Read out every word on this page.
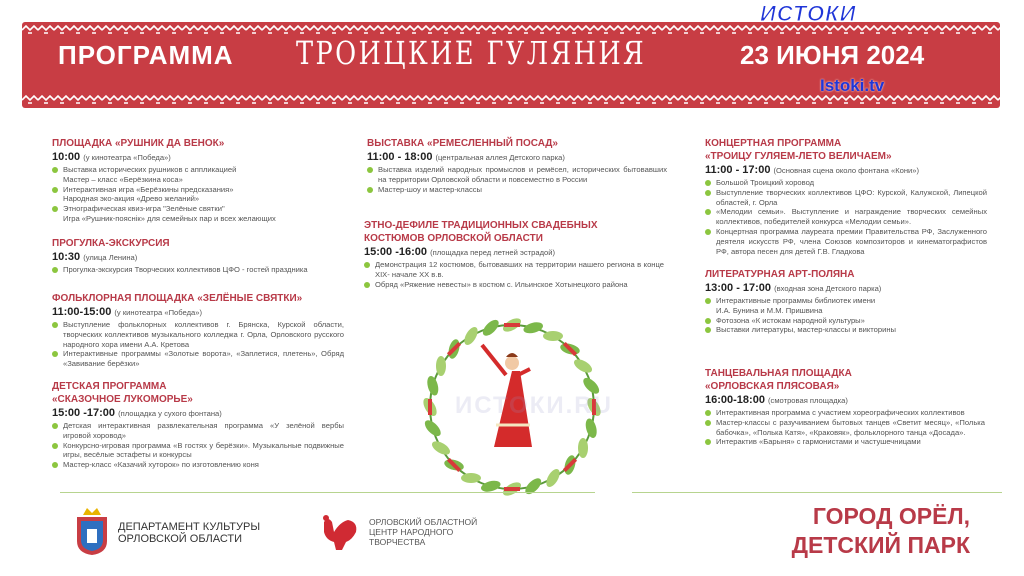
ПРОГРАММА ТРОИЦКИЕ ГУЛЯНИЯ	23 ИЮНЯ 2024
ИСТОКИ
Istoki.tv
ПЛОЩАДКА «РУШНИК ДА ВЕНОК»
10:00 (у кинотеатра «Победа»)
Выставка исторических рушников с аппликацией
Мастер – класс «Берёзкина коса»
Интерактивная игра «Берёзкины предсказания»
Народная эко-акция «Древо желаний»
Этнографическая квиз-игра "Зелёные святки"
Игра «Рушник-пояснік» для семейных пар и всех желающих
ПРОГУЛКА-ЭКСКУРСИЯ
10:30 (улица Ленина)
Прогулка-экскурсия Творческих коллективов ЦФО - гостей праздника
ФОЛЬКЛОРНАЯ ПЛОЩАДКА «ЗЕЛЁНЫЕ СВЯТКИ»
11:00-15:00 (у кинотеатра «Победа»)
Выступление фольклорных коллективов г. Брянска, Курской области, творческих коллективов музыкального колледжа г. Орла, Орловского русского народного хора имени А.А. Кретова
Интерактивные программы «Золотые ворота», «Заплетися, плетень», Обряд «Завивание берёзки»
ДЕТСКАЯ ПРОГРАММА
«СКАЗОЧНОЕ ЛУКОМОРЬЕ»
15:00 -17:00 (площадка у сухого фонтана)
Детская интерактивная развлекательная программа «У зелёной вербы игровой хоровод»
Конкурсно-игровая программа «В гостях у берёзки». Музыкальные подвижные игры, весёлые эстафеты и конкурсы
Мастер-класс «Казачий хуторок» по изготовлению коня
ВЫСТАВКА «РЕМЕСЛЕННЫЙ ПОСАД»
11:00 - 18:00 (центральная аллея Детского парка)
Выставка изделий народных промыслов и ремёсел, исторических бытовавших на территории Орловской области и повсеместно в России
Мастер-шоу и мастер-классы
ЭТНО-ДЕФИЛЕ ТРАДИЦИОННЫХ СВАДЕБНЫХ
КОСТЮМОВ ОРЛОВСКОЙ ОБЛАСТИ
15:00 -16:00 (площадка перед летней эстрадой)
Демонстрация 12 костюмов, бытовавших на территории нашего региона в конце XIX- начале XX в.в.
Обряд «Ряжение невесты» в костюм с. Ильинское Хотынецкого района
КОНЦЕРТНАЯ ПРОГРАММА
«ТРОИЦУ ГУЛЯЕМ-ЛЕТО ВЕЛИЧАЕМ»
11:00 - 17:00 (Основная сцена около фонтана «Кони»)
Большой Троицкий хоровод
Выступление творческих коллективов ЦФО: Курской, Калужской, Липецкой областей, г. Орла
«Мелодии семьи». Выступление и награждение творческих семейных коллективов, победителей конкурса «Мелодии семьи».
Концертная программа лауреата премии Правительства РФ, Заслуженного деятеля искусств РФ, члена Союзов композиторов и кинематографистов РФ, автора песен для детей Г.В. Гладкова
ЛИТЕРАТУРНАЯ АРТ-ПОЛЯНА
13:00 - 17:00 (входная зона Детского парка)
Интерактивные программы библиотек имени
И.А. Бунина и М.М. Пришвина
Фотозона «К истокам народной культуры»
Выставки литературы, мастер-классы и викторины
ТАНЦЕВАЛЬНАЯ ПЛОЩАДКА
«ОРЛОВСКАЯ ПЛЯСОВАЯ»
16:00-18:00 (смотровая площадка)
Интерактивная программа с участием хореографических коллективов
Мастер-классы с разучиванием бытовых танцев «Светит месяц», «Полька бабочка», «Полька Катя», «Краковяк», фольклорного танца «Досада».
Интерактив «Барыня» с гармонистами и частушечницами
ИСТОКИ.RU
ДЕПАРТАМЕНТ КУЛЬТУРЫ
ОРЛОВСКОЙ ОБЛАСТИ
ОРЛОВСКИЙ ОБЛАСТНОЙ
ЦЕНТР НАРОДНОГО
ТВОРЧЕСТВА
ГОРОД ОРЁЛ,
ДЕТСКИЙ ПАРК
